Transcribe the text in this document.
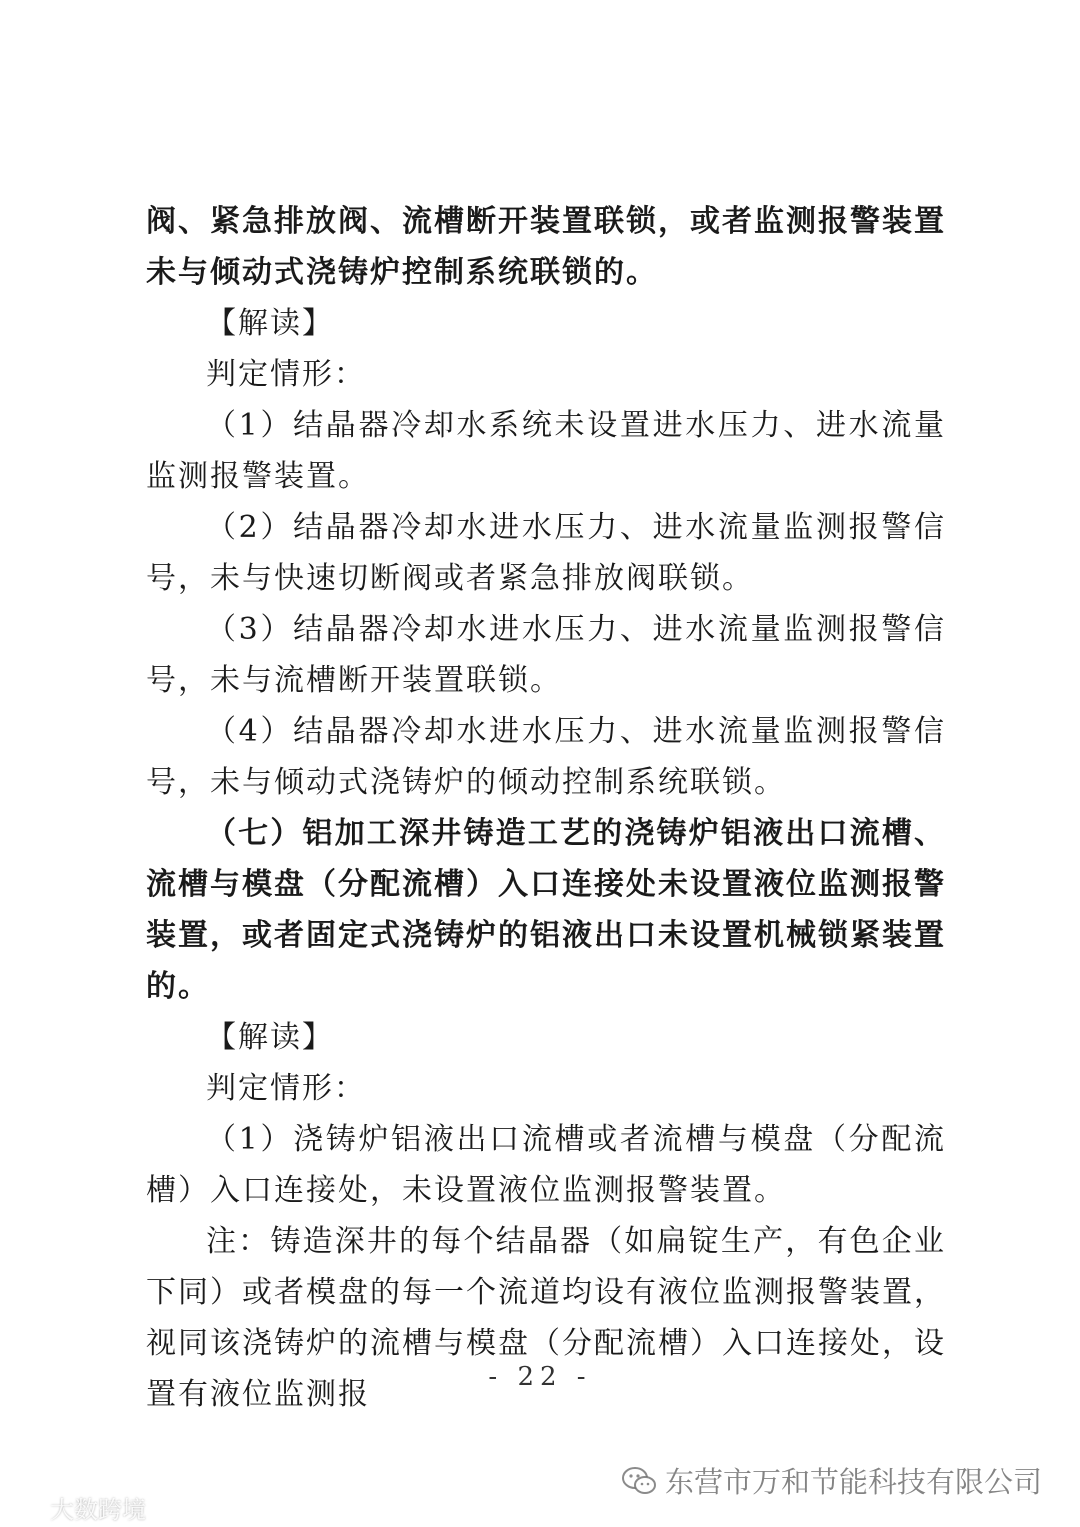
阀、紧急排放阀、流槽断开装置联锁，或者监测报警装置未与倾动式浇铸炉控制系统联锁的。

【解读】

判定情形：

（1）结晶器冷却水系统未设置进水压力、进水流量监测报警装置。

（2）结晶器冷却水进水压力、进水流量监测报警信号，未与快速切断阀或者紧急排放阀联锁。

（3）结晶器冷却水进水压力、进水流量监测报警信号，未与流槽断开装置联锁。

（4）结晶器冷却水进水压力、进水流量监测报警信号，未与倾动式浇铸炉的倾动控制系统联锁。

（七）铝加工深井铸造工艺的浇铸炉铝液出口流槽、流槽与模盘（分配流槽）入口连接处未设置液位监测报警装置，或者固定式浇铸炉的铝液出口未设置机械锁紧装置的。

【解读】

判定情形：

（1）浇铸炉铝液出口流槽或者流槽与模盘（分配流槽）入口连接处，未设置液位监测报警装置。

注：铸造深井的每个结晶器（如扁锭生产，有色企业下同）或者模盘的每一个流道均设有液位监测报警装置，视同该浇铸炉的流槽与模盘（分配流槽）入口连接处，设置有液位监测报	- 22 -
东营市万和节能科技有限公司
大数跨境
